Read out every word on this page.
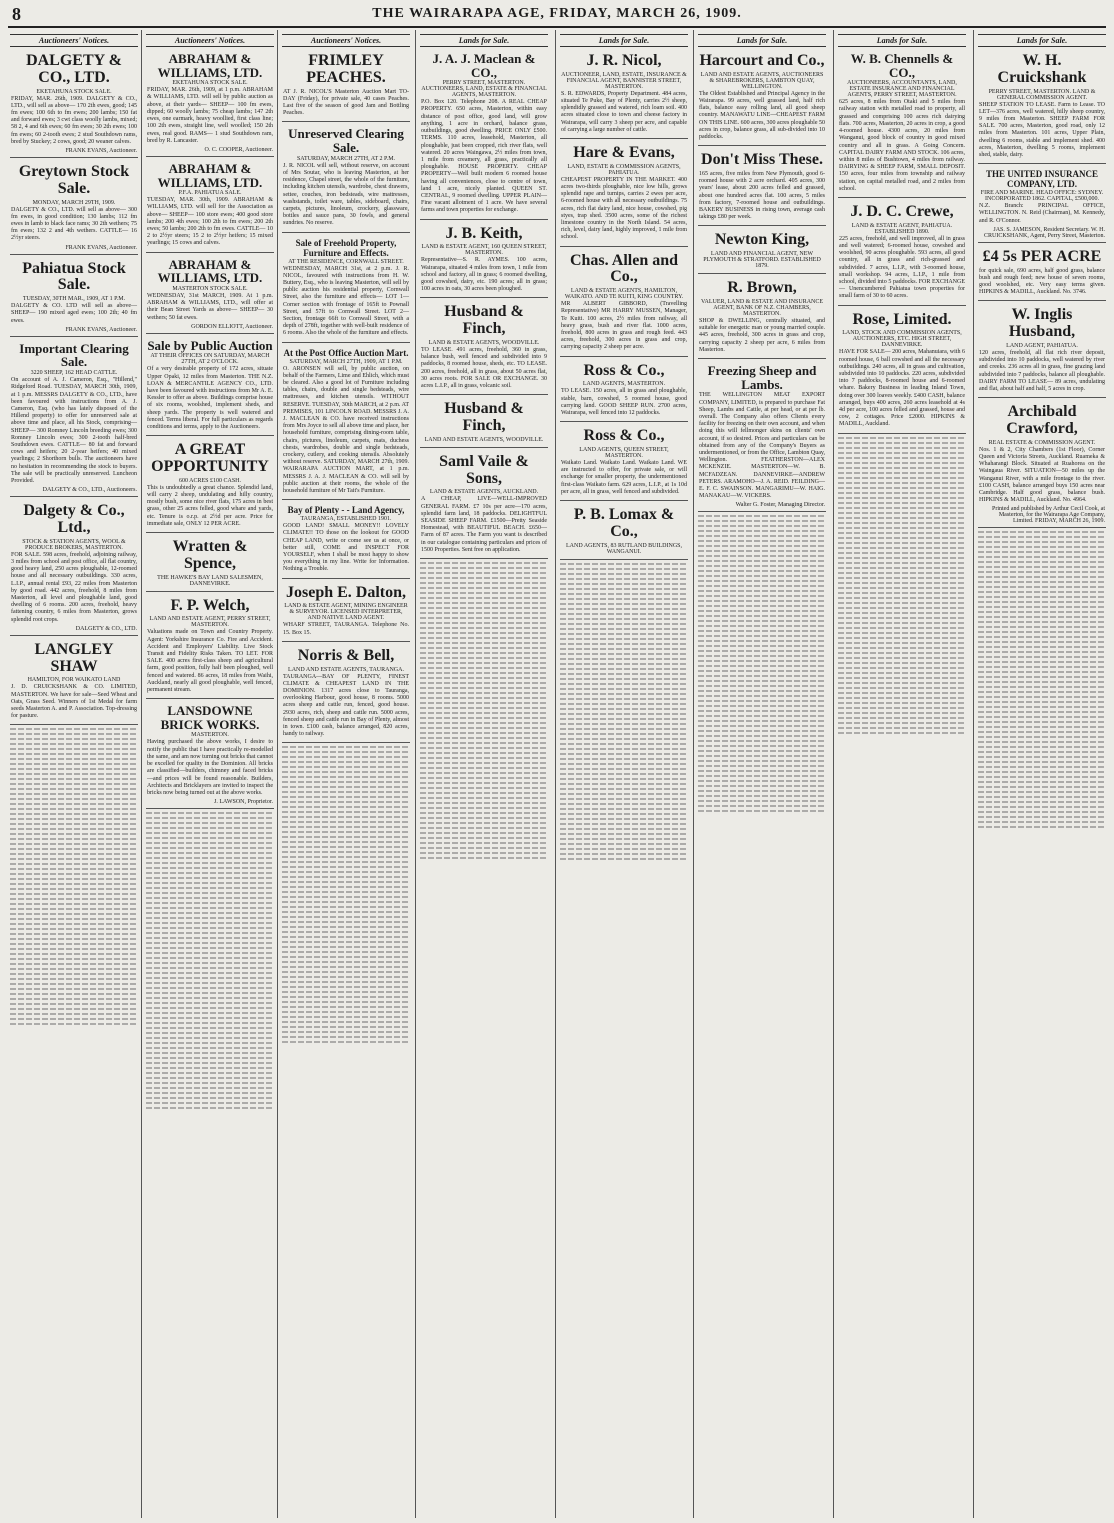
8	THE WAIRARAPA AGE, FRIDAY, MARCH 26, 1909.
Auctioneers' Notices.
DALGETY & CO., LTD.
EKETAHUNA STOCK SALE.

FRIDAY, MAR. 26th, 1909. DALGETY & CO., LTD., will sell as above— 170 2th ewes, good; 145 fm ewes; 100 6th to fm ewes; 200 lambs; 150 fat and forward ewes; 3 cwt class woolly lambs, mixed; 58 2, 4 and 6th ewes; 60 fm ewes; 30 2th ewes; 100 fm ewes; 60 2-tooth ewes; 2 stud Southdown rams, bred by Stuckey; 2 cows, good; 20 weaner calves.

FRANK EVANS, Auctioneer.
Greytown Stock Sale.
MONDAY, MARCH 29TH, 1909.

DALGETY & CO., LTD. will sell as above— 300 fm ewes, in good condition; 130 lambs; 112 fm ewes in lamb to black face rams; 30 2th wethers; 75 fm ewes; 132 2 and 4th wethers. CATTLE— 16 2½yr steers.

FRANK EVANS, Auctioneer.
Pahiatua Stock Sale.
TUESDAY, 30TH MAR., 1909, AT 1 P.M.

DALGETY & CO. LTD will sell as above— SHEEP— 190 mixed aged ewes; 100 2th; 40 fm ewes.

FRANK EVANS, Auctioneer.
Important Clearing Sale.
3220 SHEEP, 162 HEAD CATTLE.

On account of A. J. Cameron, Esq., "Hillend," Ridgeford Road. TUESDAY, MARCH 30th, 1909, at 1 p.m. MESSRS DALGETY & CO., LTD., have been favoured with instructions from A. J. Cameron, Esq. (who has lately disposed of the Hillend property) to offer for unreserved sale at above time and place, all his Stock, comprising— SHEEP— 300 Romney Lincoln breeding ewes; 300 Romney Lincoln ewes; 300 2-tooth half-bred Southdown ewes. CATTLE— 80 fat and forward cows and heifers; 20 2-year heifers; 40 mixed yearlings; 2 Shorthorn bulls. The auctioneers have no hesitation in recommending the stock to buyers. The sale will be practically unreserved. Luncheon Provided.

DALGETY & CO., LTD., Auctioneers.
Dalgety & Co., Ltd.,
STOCK & STATION AGENTS, WOOL & PRODUCE BROKERS, MASTERTON.

FOR SALE. 598 acres, freehold, adjoining railway, 3 miles from school and post office, all flat country, good heavy land, 250 acres ploughable, 12-roomed house and all necessary outbuildings. 330 acres, L.I.P., annual rental £93, 22 miles from Masterton by good road. 442 acres, freehold, 8 miles from Masterton, all level and ploughable land, good dwelling of 6 rooms. 200 acres, freehold, heavy fattening country, 6 miles from Masterton, grows splendid root crops.

DALGETY & CO., LTD.
LANGLEY SHAW
HAMILTON, FOR WAIKATO LAND

J. D. CRUICKSHANK & CO. LIMITED, MASTERTON. We have for sale—Seed Wheat and Oats, Grass Seed. Winners of 1st Medal for farm seeds Masterton A. and P. Association. Top-dressing for pasture.

Auctioneers' Notices.
ABRAHAM & WILLIAMS, LTD.
EKETAHUNA STOCK SALE.

FRIDAY, MAR. 26th, 1909, at 1 p.m. ABRAHAM & WILLIAMS, LTD. will sell by public auction as above, at their yards— SHEEP— 100 fm ewes, dipped; 60 woolly lambs; 75 cheap lambs; 147 2th ewes, one earmark, heavy woollied, first class line; 100 2th ewes, straight line, well woolled; 150 2th ewes, real good. RAMS— 1 stud Southdown ram, bred by R. Lancaster.

O. C. COOPER, Auctioneer.
ABRAHAM & WILLIAMS, LTD.
P.F.A. PAHIATUA SALE.

TUESDAY, MAR. 30th, 1909. ABRAHAM & WILLIAMS, LTD. will sell for the Association as above— SHEEP— 100 store ewes; 400 good store lambs; 200 4th ewes; 100 2th to fm ewes; 200 2th ewes; 50 lambs; 200 2th to fm ewes. CATTLE— 10 2 to 2½yr steers; 15 2 to 2½yr heifers; 15 mixed yearlings; 15 cows and calves.

ABRAHAM & WILLIAMS, LTD.
MASTERTON STOCK SALE.

WEDNESDAY, 31st MARCH, 1909. At 1 p.m. ABRAHAM & WILLIAMS, LTD., will offer at their Bean Street Yards as above— SHEEP— 30 wethers; 50 fat ewes.

GORDON ELLIOTT, Auctioneer.
Sale by Public Auction
AT THEIR OFFICES ON SATURDAY, MARCH 27TH, AT 2 O'CLOCK.

Of a very desirable property of 172 acres, situate Upper Opaki, 12 miles from Masterton. THE N.Z. LOAN & MERCANTILE AGENCY CO., LTD. have been favoured with instructions from Mr A. E. Kessler to offer as above. Buildings comprise house of six rooms, woolshed, implement sheds, and sheep yards. The property is well watered and fenced. Terms liberal. For full particulars as regards conditions and terms, apply to the Auctioneers.

A GREAT OPPORTUNITY
600 ACRES £100 CASH.

This is undoubtedly a great chance. Splendid land, will carry 2 sheep, undulating and hilly country, mostly bush, some nice river flats, 175 acres in best grass, other 25 acres felled, good whare and yards, etc. Tenure is o.r.p. at 2½d per acre. Price for immediate sale, ONLY 12 PER ACRE.

Wratten & Spence,
THE HAWKE'S BAY LAND SALESMEN, DANNEVIRKE.
F. P. Welch,
LAND AND ESTATE AGENT, PERRY STREET, MASTERTON.

Valuations made on Town and Country Property. Agent: Yorkshire Insurance Co. Fire and Accident. Accident and Employers' Liability. Live Stock Transit and Fidelity Risks Taken. TO LET. FOR SALE. 400 acres first-class sheep and agricultural farm, good position, fully half been ploughed, well fenced and watered. 86 acres, 18 miles from Waihi, Auckland, nearly all good ploughable, well fenced, permanent stream.

LANSDOWNE BRICK WORKS.
MASTERTON.

Having purchased the above works, I desire to notify the public that I have practically re-modelled the same, and am now turning out bricks that cannot be excelled for quality in the Dominion. All bricks are classified—builders, chimney and faced bricks—and prices will be found reasonable. Builders, Architects and Bricklayers are invited to inspect the bricks now being turned out at the above works.

J. LAWSON, Proprietor.
Auctioneers' Notices.
FRIMLEY PEACHES.

AT J. R. NICOL'S Masterton Auction Mart TO-DAY (Friday), for private sale, 40 cases Peaches. Last five of the season of good Jam and Bottling Peaches.

Unreserved Clearing Sale.
SATURDAY, MARCH 27TH, AT 2 P.M.

J. R. NICOL will sell, without reserve, on account of Mrs Soutar, who is leaving Masterton, at her residence, Chapel street, the whole of the furniture, including kitchen utensils, wardrobe, chest drawers, settee, couches, iron bedsteads, wire mattresses, washstands, toilet ware, tables, sideboard, chairs, carpets, pictures, linoleum, crockery, glassware, bottles and sauce pans, 30 fowls, and general sundries. No reserve.

Sale of Freehold Property, Furniture and Effects.
AT THE RESIDENCE, CORNWALL STREET.

WEDNESDAY, MARCH 31st, at 2 p.m. J. R. NICOL, favoured with instructions from H. W. Buttery, Esq., who is leaving Masterton, will sell by public auction his residential property, Cornwall Street, also the furniture and effects— LOT 1—Corner section with frontage of 165ft to Pownall Street, and 57ft to Cornwall Street. LOT 2—Section, frontage 66ft to Cornwall Street, with a depth of 278ft, together with well-built residence of 6 rooms. Also the whole of the furniture and effects.

At the Post Office Auction Mart.
SATURDAY, MARCH 27TH, 1909, AT 1 P.M.

O. ARONSEN will sell, by public auction, on behalf of the Farmers, Lime and Ehlich, which must be cleared. Also a good lot of Furniture including tables, chairs, double and single bedsteads, wire mattresses, and kitchen utensils. WITHOUT RESERVE. TUESDAY, 30th MARCH, at 2 p.m. AT PREMISES, 101 LINCOLN ROAD. MESSRS J. A. J. MACLEAN & CO. have received instructions from Mrs Joyce to sell all above time and place, her household furniture, comprising dining-room table, chairs, pictures, linoleum, carpets, mats, duchess chests, wardrobes, double and single bedsteads, crockery, cutlery, and cooking utensils. Absolutely without reserve. SATURDAY, MARCH 27th, 1909. WAIRARAPA AUCTION MART, at 1 p.m. MESSRS J. A. J. MACLEAN & CO. will sell by public auction at their rooms, the whole of the household furniture of Mr Tait's Furniture.

Bay of Plenty - - Land Agency,
TAURANGA, ESTABLISHED 1901.

GOOD LAND! SMALL MONEY!! LOVELY CLIMATE!! TO those on the lookout for GOOD CHEAP LAND, write or come see us at once, or better still, COME and INSPECT FOR YOURSELF, when I shall be most happy to show you everything in my line. Write for Information. Nothing a Trouble.

Joseph E. Dalton,
LAND & ESTATE AGENT, MINING ENGINEER & SURVEYOR. LICENSED INTERPRETER, AND NATIVE LAND AGENT.

WHARF STREET, TAURANGA. Telephone No. 15. Box 15.

Norris & Bell,
LAND AND ESTATE AGENTS, TAURANGA.

TAURANGA—BAY OF PLENTY, FINEST CLIMATE & CHEAPEST LAND IN THE DOMINION. 1317 acres close to Tauranga, overlooking Harbour, good house, 8 rooms. 5000 acres sheep and cattle run, fenced, good house. 2930 acres, rich, sheep and cattle run. 5000 acres, fenced sheep and cattle run in Bay of Plenty, almost in town. £100 cash, balance arranged, 820 acres, handy to railway.

Lands for Sale.
J. A. J. Maclean & CO.,
PERRY STREET, MASTERTON. AUCTIONEERS, LAND, ESTATE & FINANCIAL AGENTS, MASTERTON.

P.O. Box 120. Telephone 208. A REAL CHEAP PROPERTY. 650 acres, Masterton, within easy distance of post office, good land, will grow anything, 1 acre in orchard, balance grass, outbuildings, good dwelling. PRICE ONLY £500. TERMS. 110 acres, leasehold, Masterton, all ploughable, just been cropped, rich river flats, well watered. 20 acres Waingawa, 2½ miles from town, 1 mile from creamery, all grass, practically all ploughable. HOUSE PROPERTY. CHEAP PROPERTY—Well built modern 6 roomed house having all conveniences, close to centre of town, land 1 acre, nicely planted. QUEEN ST. CENTRAL, 9 roomed dwelling. UPPER PLAIN—Fine vacant allotment of 1 acre. We have several farms and town properties for exchange.

J. B. Keith,
LAND & ESTATE AGENT, 160 QUEEN STREET, MASTERTON.

Representative—S. R. AYMES. 100 acres, Wairarapa, situated 4 miles from town, 1 mile from school and factory, all in grass; 6 roomed dwelling, good cowshed, dairy, etc. 190 acres; all in grass; 100 acres in oats, 30 acres been ploughed.

Husband & Finch,
LAND & ESTATE AGENTS, WOODVILLE.

TO LEASE. 491 acres, freehold, 360 in grass, balance bush, well fenced and subdivided into 9 paddocks, 8 roomed house, sheds, etc. TO LEASE. 200 acres, freehold, all in grass, about 50 acres flat, 30 acres roots. FOR SALE OR EXCHANGE. 30 acres L.I.P., all in grass, volcanic soil.

Husband & Finch,
LAND AND ESTATE AGENTS, WOODVILLE.
Saml Vaile & Sons,
LAND & ESTATE AGENTS, AUCKLAND.

A CHEAP, LIVE—WELL-IMPROVED GENERAL FARM. £7 10s per acre—170 acres, splendid farm land, 18 paddocks. DELIGHTFUL SEASIDE SHEEP FARM. £1500—Pretty Seaside Homestead, with BEAUTIFUL BEACH. £650—Farm of 87 acres. The Farm you want is described in our catalogue containing particulars and prices of 1500 Properties. Sent free on application.

Lands for Sale.
J. R. Nicol,
AUCTIONEER, LAND, ESTATE, INSURANCE & FINANCIAL AGENT, BANNISTER STREET, MASTERTON.

S. R. EDWARDS, Property Department. 484 acres, situated Te Puke, Bay of Plenty, carries 2½ sheep, splendidly grassed and watered, rich loam soil. 400 acres situated close to town and cheese factory in Wairarapa, will carry 3 sheep per acre, and capable of carrying a large number of cattle.

Hare & Evans,
LAND, ESTATE & COMMISSION AGENTS, PAHIATUA.

CHEAPEST PROPERTY IN THE MARKET. 400 acres two-thirds ploughable, nice low hills, grows splendid rape and turnips, carries 2 ewes per acre, 6-roomed house with all necessary outbuildings. 75 acres, rich flat dairy land, nice house, cowshed, pig styes, trap shed. 3500 acres, some of the richest limestone country in the North Island. 54 acres, rich, level, dairy land, highly improved, 1 mile from school.

Chas. Allen and Co.,
LAND & ESTATE AGENTS, HAMILTON, WAIKATO. AND TE KUITI, KING COUNTRY.

MR ALBERT GIBBORD, (Travelling Representative) MR HARRY MUSSEN, Manager, Te Kuiti. 100 acres, 2½ miles from railway, all heavy grass, bush and river flat. 1000 acres, freehold, 800 acres in grass and rough feed. 443 acres, freehold, 300 acres in grass and crop, carrying capacity 2 sheep per acre.

Ross & Co.,
LAND AGENTS, MASTERTON.

TO LEASE. 150 acres, all in grass and ploughable, stable, barn, cowshed, 5 roomed house, good carrying land. GOOD SHEEP RUN. 2700 acres, Wairarapa, well fenced into 12 paddocks.

Ross & Co.,
LAND AGENTS, QUEEN STREET, MASTERTON.

Waikato Land. Waikato Land. Waikato Land. WE are instructed to offer, for private sale, or will exchange for smaller property, the undermentioned first-class Waikato farm. 629 acres, L.I.P., at 1s 10d per acre, all in grass, well fenced and subdivided.

P. B. Lomax & Co.,
LAND AGENTS, 83 RUTLAND BUILDINGS, WANGANUI.
Lands for Sale.
Harcourt and Co.,
LAND AND ESTATE AGENTS, AUCTIONEERS & SHAREBROKERS, LAMBTON QUAY, WELLINGTON.

The Oldest Established and Principal Agency in the Wairarapa. 99 acres, well grassed land, half rich flats, balance easy rolling land, all good sheep country. MANAWATU LINE—CHEAPEST FARM ON THIS LINE. 600 acres, 300 acres ploughable 50 acres in crop, balance grass, all sub-divided into 10 paddocks.

Don't Miss These.

165 acres, five miles from New Plymouth, good 6-roomed house with 2 acre orchard. 405 acres, 300 years' lease, about 200 acres felled and grassed, about one hundred acres flat. 100 acres, 5 miles from factory, 7-roomed house and outbuildings. BAKERY BUSINESS in rising town, average cash takings £80 per week.

Newton King,
LAND AND FINANCIAL AGENT, NEW PLYMOUTH & STRATFORD. ESTABLISHED 1879.
R. Brown,
VALUER, LAND & ESTATE AND INSURANCE AGENT, BANK OF N.Z. CHAMBERS, MASTERTON.

SHOP & DWELLING, centrally situated, and suitable for energetic man or young married couple. 445 acres, freehold, 300 acres in grass and crop, carrying capacity 2 sheep per acre, 6 miles from Masterton.

Freezing Sheep and Lambs.

THE WELLINGTON MEAT EXPORT COMPANY, LIMITED, is prepared to purchase Fat Sheep, Lambs and Cattle, at per head, or at per lb. overall. The Company also offers Clients every facility for freezing on their own account, and when doing this will fellmonger skins on clients' own account, if so desired. Prices and particulars can be obtained from any of the Company's Buyers as undermentioned, or from the Office, Lambton Quay, Wellington. FEATHERSTON—ALEX MCKENZIE. MASTERTON—W. B. MCFADZEAN. DANNEVIRKE—ANDREW PETERS. ARAMOHO—J. A. REID. FEILDING—E. F. C. SWAINSON. MANGARIMU—W. HAIG. MANAKAU—W. VICKERS.

Walter G. Foster, Managing Director.
Lands for Sale.
W. B. Chennells & CO.,
AUCTIONEERS, ACCOUNTANTS, LAND, ESTATE INSURANCE AND FINANCIAL AGENTS, PERRY STREET, MASTERTON.

625 acres, 8 miles from Otaki and 5 miles from railway station with metalled road to property, all grassed and comprising 100 acres rich dairying flats. 700 acres, Masterton, 20 acres in crop, a good 4-roomed house. 4300 acres, 20 miles from Wanganui, good block of country in good mixed country and all in grass. A Going Concern. CAPITAL DAIRY FARM AND STOCK. 106 acres, within 8 miles of Bushtown, 4 miles from railway. DAIRYING & SHEEP FARM, SMALL DEPOSIT. 150 acres, four miles from township and railway station, on capital metalled road, and 2 miles from school.

J. D. C. Crewe,
LAND & ESTATE AGENT, PAHIATUA. ESTABLISHED 1890.

225 acres, freehold, and well improved, all in grass and well watered; 6-roomed house, cowshed and woolshed, 90 acres ploughable. 593 acres, all good country, all in grass and rich-grassed and subdivided. 7 acres, L.I.P., with 3-roomed house, small workshop. 94 acres, L.I.P., 1 mile from school, divided into 5 paddocks. FOR EXCHANGE — Unencumbered Pahiatua town properties for small farm of 30 to 60 acres.

Rose, Limited.
LAND, STOCK AND COMMISSION AGENTS, AUCTIONEERS, ETC. HIGH STREET, DANNEVIRKE.

HAVE FOR SALE— 200 acres, Mahanuiara, with 6 roomed house, 6 ball cowshed and all the necessary outbuildings. 240 acres, all in grass and cultivation, subdivided into 10 paddocks. 220 acres, subdivided into 7 paddocks, 8-roomed house and 6-roomed whare. Bakery Business in leading Inland Town, doing over 300 loaves weekly. £400 CASH, balance arranged, buys 400 acres, 260 acres leasehold at 4s 4d per acre, 100 acres felled and grassed, house and cow, 2 cottages. Price £2000. HIPKINS & MADILL, Auckland.

Lands for Sale.
W. H. Cruickshank
PERRY STREET, MASTERTON. LAND & GENERAL COMMISSION AGENT.

SHEEP STATION TO LEASE. Farm to Lease. TO LET—376 acres, well watered, hilly sheep country, 9 miles from Masterton. SHEEP FARM FOR SALE. 700 acres, Masterton, good road, only 12 miles from Masterton. 101 acres, Upper Plain, dwelling 6 rooms, stable and implement shed. 400 acres, Masterton, dwelling 5 rooms, implement shed, stable, dairy.

THE UNITED INSURANCE COMPANY, LTD.
FIRE AND MARINE. HEAD OFFICE: SYDNEY. INCORPORATED 1862. CAPITAL, £500,000.

N.Z. Branch: PRINCIPAL OFFICE, WELLINGTON. N. Reid (Chairman), M. Kennedy, and R. O'Connor.

JAS. S. JAMESON, Resident Secretary. W. H. CRUICKSHANK, Agent, Perry Street, Masterton.
£4 5s PER ACRE

for quick sale, 690 acres, half good grass, balance bush and rough feed; new house of seven rooms, good woolshed, etc. Very easy terms given. HIPKINS & MADILL, Auckland. No. 3746.

W. Inglis Husband,
LAND AGENT, PAHIATUA.

120 acres, freehold, all flat rich river deposit, subdivided into 10 paddocks, well watered by river and creeks. 236 acres all in grass, fine grazing land subdivided into 7 paddocks, balance all ploughable. DAIRY FARM TO LEASE— 89 acres, undulating and flat, about half and half, 5 acres in crop.

Archibald Crawford,
REAL ESTATE & COMMISSION AGENT.

Nos. 1 & 2, City Chambers (1st Floor), Corner Queen and Victoria Streets, Auckland. Ruameka & Whaharangi Block. Situated at Ruahorea on the Waingaua River. SITUATION—50 miles up the Wanganui River, with a mile frontage to the river. £100 CASH, balance arranged buys 150 acres near Cambridge. Half good grass, balance bush. HIPKINS & MADILL, Auckland. No. 4964.

Printed and published by Arthur Cecil Cook, at Masterton, for the Wairarapa Age Company, Limited. FRIDAY, MARCH 26, 1909.
